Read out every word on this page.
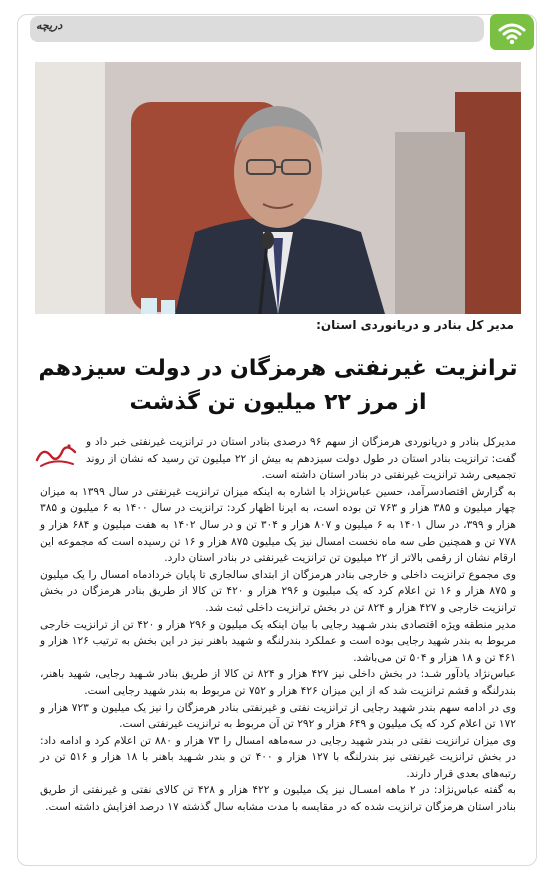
دریچه
مدیر کل بنادر و دریانوردی استان:
ترانزیت غیرنفتی هرمزگان در دولت سیزدهم
از مرز ۲۲ میلیون تن گذشت

مدیرکل بنادر و دریانوردی هرمزگان از سهم ۹۶ درصدی بنادر استان در ترانزیت غیرنفتی خبر داد و گفت: ترانزیت بنادر استان در طول دولت سیزدهم به بیش از ۲۲ میلیون تن رسید که نشان از روند تجمیعی رشد ترانزیت غیرنفتی در بنادر استان داشته است.

به گزارش اقتصادسرآمد، حسین عباس‌نژاد با اشاره به اینکه میزان ترانزیت غیرنفتی در سال ۱۳۹۹ به میزان چهار میلیون و ۳۸۵ هزار و ۷۶۳ تن بوده است، به ایرنا اظهار کرد: ترانزیت در سال ۱۴۰۰ به ۶ میلیون و ۳۸۵ هزار و ۳۹۹، در سال ۱۴۰۱ به ۶ میلیون و ۸۰۷ هزار و ۳۰۴ تن و در سال ۱۴۰۲ به هفت میلیون و ۶۸۴ هزار و ۷۷۸ تن و همچنین طی سه ماه نخست امسال نیز یک میلیون ۸۷۵ هزار و ۱۶ تن رسیده است که مجموعه این ارقام نشان از رقمی بالاتر از ۲۲ میلیون تن ترانزیت غیرنفتی در بنادر استان دارد.

وی مجموع ترانزیت داخلی و خارجی بنادر هرمزگان از ابتدای سالجاری تا پایان خردادماه امسال را یک میلیون و ۸۷۵ هزار و ۱۶ تن اعلام کرد که یک میلیون و ۲۹۶ هزار و ۴۲۰ تن کالا از طریق بنادر هرمزگان در بخش ترانزیت خارجی و ۴۲۷ هزار و ۸۲۴ تن در بخش ترانزیت داخلی ثبت شد.

مدیر منطقه ویژه اقتصادی بندر شـهید رجایی با بیان اینکه یک میلیون و ۲۹۶ هزار و ۴۲۰ تن از ترانزیت خارجی مربوط به بندر شهید رجایی بوده است و عملکرد بندرلنگه و شهید باهنر نیز در این بخش به ترتیب ۱۲۶ هزار و ۴۶۱ تن و ۱۸ هزار و ۵۰۴ تن می‌باشد.

عباس‌نژاد یادآور شـد: در بخش داخلی نیز ۴۲۷ هزار و ۸۲۴ تن کالا از طریق بنادر شـهید رجایی، شهید باهنر، بندرلنگه و قشم ترانزیت شد که از این میزان ۴۲۶ هزار و ۷۵۲ تن مربوط به بندر شهید رجایی است.

وی در ادامه سهم بندر شهید رجایی از ترانزیت نفتی و غیرنفتی بنادر هرمزگان را نیز یک میلیون و ۷۲۳ هزار و ۱۷۲ تن اعلام کرد که یک میلیون و ۶۴۹ هزار و ۲۹۲ تن آن مربوط به ترانزیت غیرنفتی است.

وی میزان ترانزیت نفتی در بندر شهید رجایی در سه‌ماهه امسال را ۷۳ هزار و ۸۸۰ تن اعلام کرد و ادامه داد: در بخش ترانزیت غیرنفتی نیز بندرلنگه با ۱۲۷ هزار و ۴۰۰ تن و بندر شـهید باهنر با ۱۸ هزار و ۵۱۶ تن در رتبه‌های بعدی قرار دارند.

به گفته عباس‌نژاد: در ۲ ماهه امسـال نیز یک میلیون و ۴۲۲ هزار و ۴۲۸ تن کالای نفتی و غیرنفتی از طریق بنادر استان هرمزگان ترانزیت شده که در مقایسه با مدت مشابه سال گذشته ۱۷ درصد افزایش داشته است.
